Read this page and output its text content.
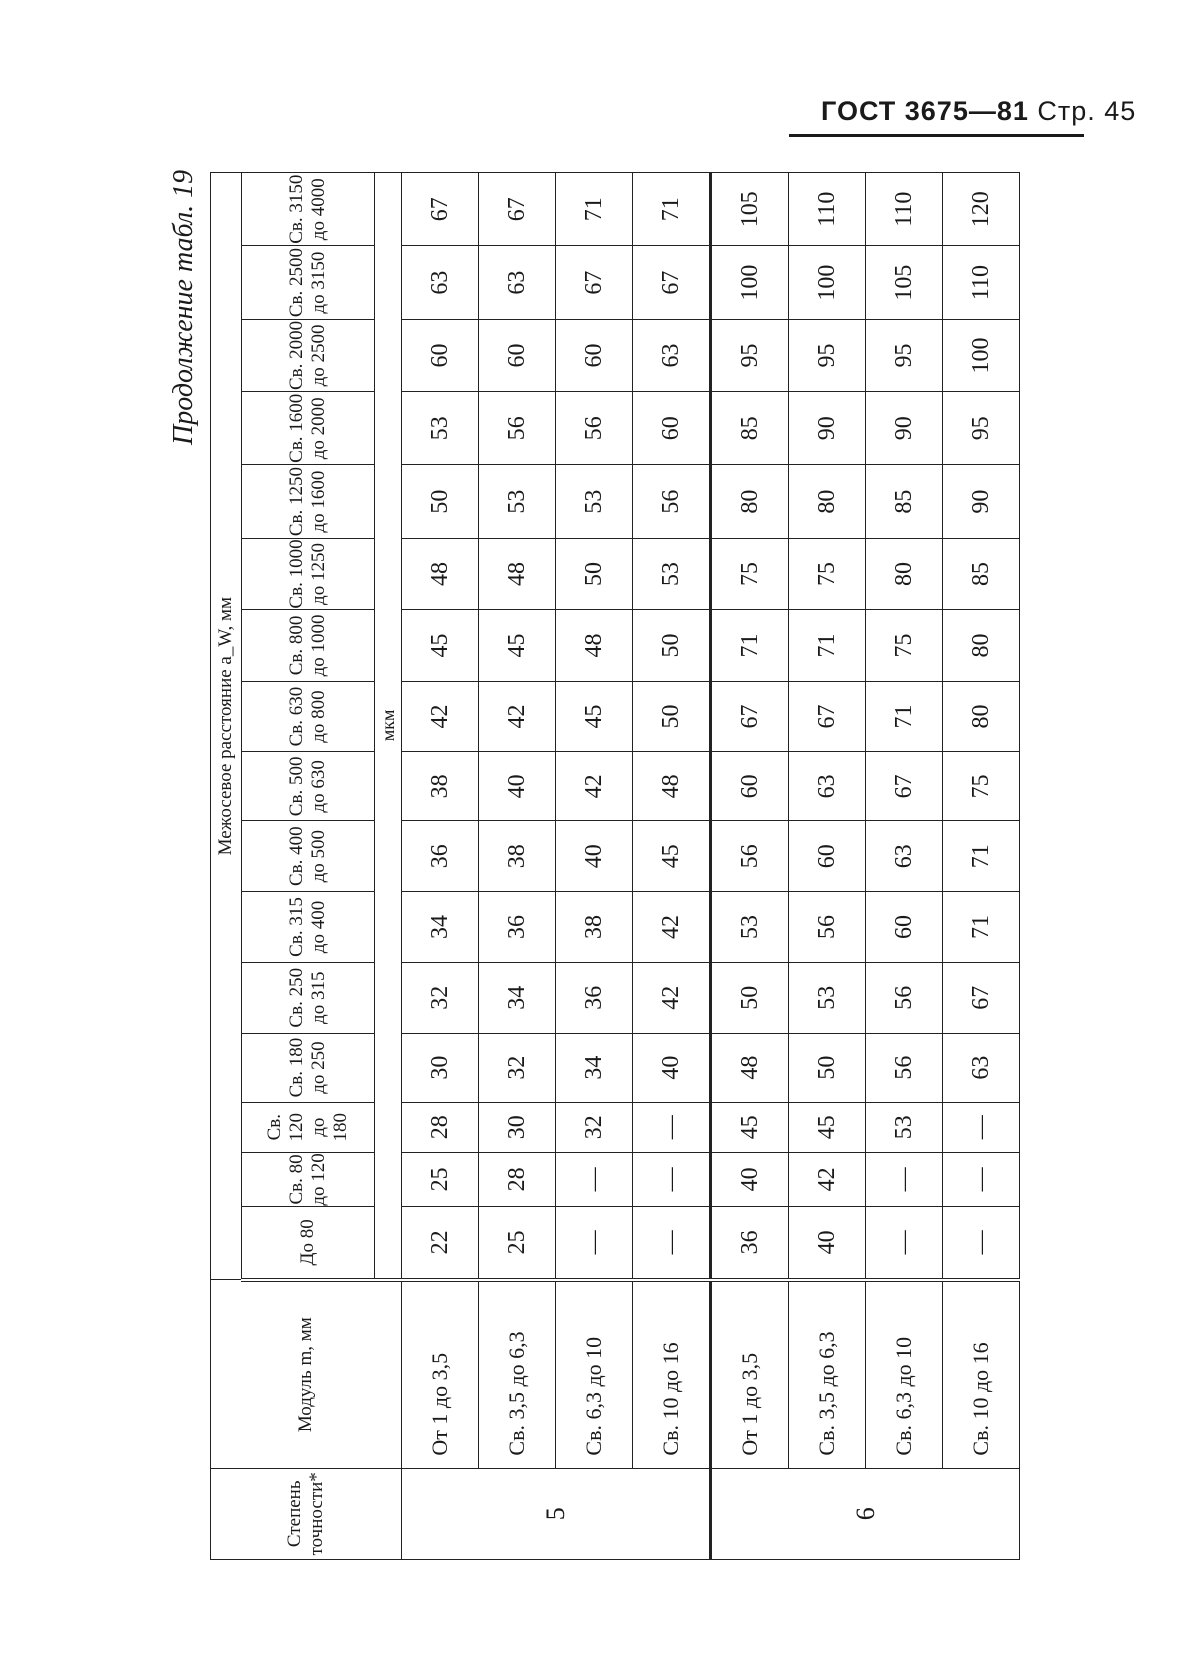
ГОСТ 3675—81 Стр. 45
Продолжение табл. 19
Степень точности*	Модуль m, мм	Межосевое расстояние a_W, мм															
		До 80	Св. 80 до 120	Св. 120 до 180	Св. 180 до 250	Св. 250 до 315	Св. 315 до 400	Св. 400 до 500	Св. 500 до 630	Св. 630 до 800	Св. 800 до 1000	Св. 1000 до 1250	Св. 1250 до 1600	Св. 1600 до 2000	Св. 2000 до 2500	Св. 2500 до 3150	Св. 3150 до 4000
		мкм															
5	От 1 до 3,5	22	25	28	30	32	34	36	38	42	45	48	50	53	60	63	67
	Св. 3,5 до 6,3	25	28	30	32	34	36	38	40	42	45	48	53	56	60	63	67
	Св. 6,3 до 10	—	—	32	34	36	38	40	42	45	48	50	53	56	60	67	71
	Св. 10 до 16	—	—	—	40	42	42	45	48	50	50	53	56	60	63	67	71
6	От 1 до 3,5	36	40	45	48	50	53	56	60	67	71	75	80	85	95	100	105
	Св. 3,5 до 6,3	40	42	45	50	53	56	60	63	67	71	75	80	90	95	100	110
	Св. 6,3 до 10	—	—	53	56	56	60	63	67	71	75	80	85	90	95	105	110
	Св. 10 до 16	—	—	—	63	67	71	71	75	80	80	85	90	95	100	110	120
